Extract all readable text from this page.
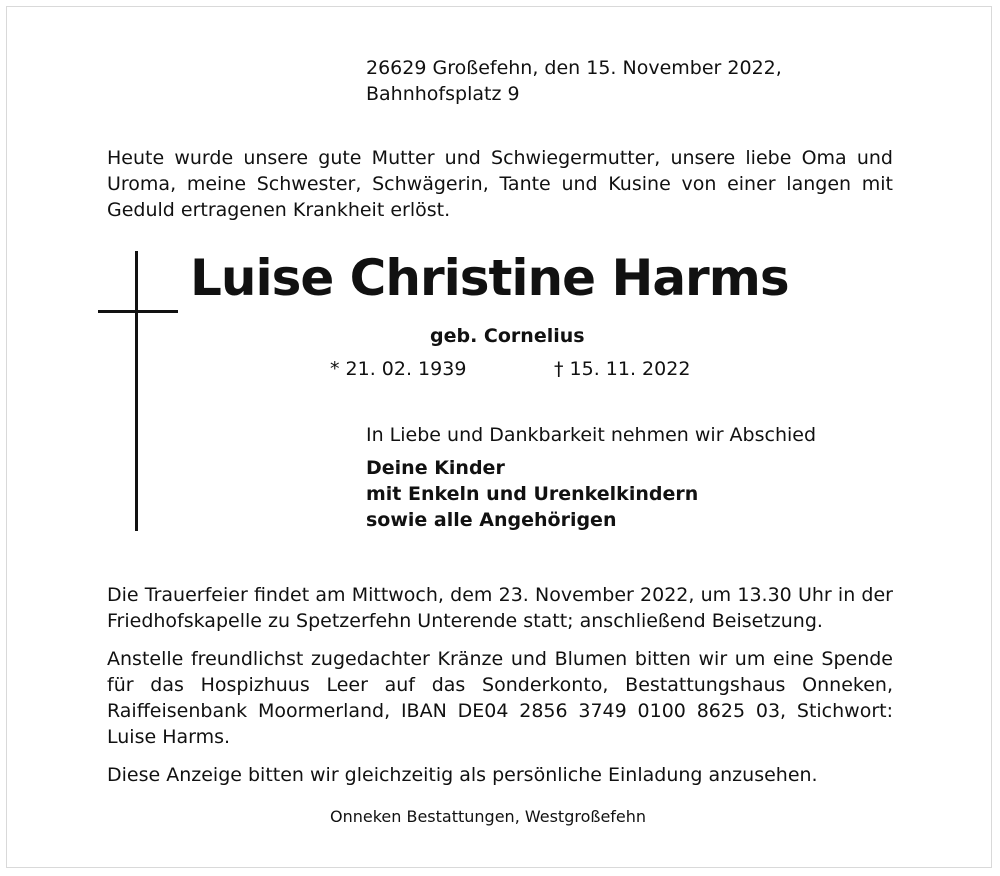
26629 Großefehn, den 15. November 2022,

Bahnhofsplatz 9

Heute wurde unsere gute Mutter und Schwiegermutter, unsere liebe Oma und Uroma, meine Schwester, Schwägerin, Tante und Kusine von einer langen mit Geduld ertragenen Krankheit erlöst.

Luise Christine Harms

geb. Cornelius

* 21. 02. 1939	† 15. 11. 2022

In Liebe und Dankbarkeit nehmen wir Abschied

Deine Kinder

mit Enkeln und Urenkelkindern

sowie alle Angehörigen

Die Trauerfeier findet am Mittwoch, dem 23. November 2022, um 13.30 Uhr in der Friedhofskapelle zu Spetzerfehn Unterende statt; anschließend Beisetzung.

Anstelle freundlichst zugedachter Kränze und Blumen bitten wir um eine Spende für das Hospizhuus Leer auf das Sonderkonto, Bestattungshaus Onneken, Raiffeisenbank Moormerland, IBAN DE04 2856 3749 0100 8625 03, Stichwort: Luise Harms.

Diese Anzeige bitten wir gleichzeitig als persönliche Einladung anzusehen.

Onneken Bestattungen, Westgroßefehn
